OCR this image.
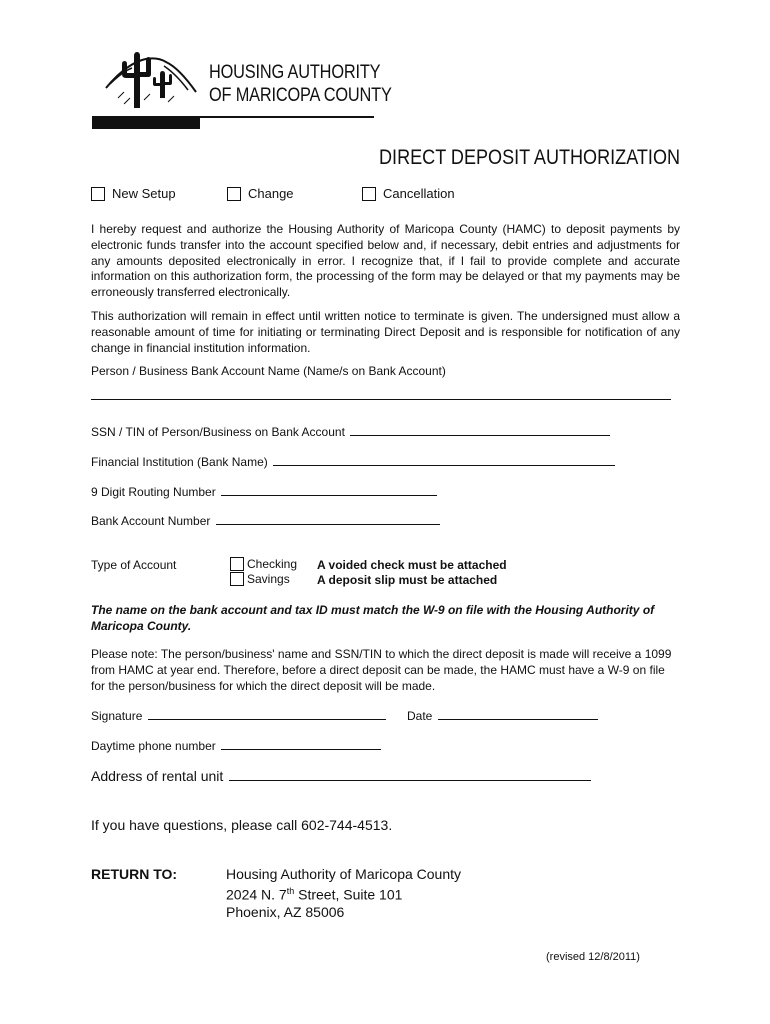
HOUSING AUTHORITY
OF MARICOPA COUNTY
DIRECT DEPOSIT AUTHORIZATION
New Setup	Change	Cancellation
I hereby request and authorize the Housing Authority of Maricopa County (HAMC) to deposit payments by electronic funds transfer into the account specified below and, if necessary, debit entries and adjustments for any amounts deposited electronically in error. I recognize that, if I fail to provide complete and accurate information on this authorization form, the processing of the form may be delayed or that my payments may be erroneously transferred electronically.
This authorization will remain in effect until written notice to terminate is given. The undersigned must allow a reasonable amount of time for initiating or terminating Direct Deposit and is responsible for notification of any change in financial institution information.
Person / Business Bank Account Name (Name/s on Bank Account)
SSN / TIN of Person/Business on Bank Account
Financial Institution (Bank Name)
9 Digit Routing Number
Bank Account Number
Type of Account	Checking
Savings
A voided check must be attached
A deposit slip must be attached
The name on the bank account and tax ID must match the W-9 on file with the Housing Authority of Maricopa County.
Please note: The person/business' name and SSN/TIN to which the direct deposit is made will receive a 1099 from HAMC at year end. Therefore, before a direct deposit can be made, the HAMC must have a W-9 on file for the person/business for which the direct deposit will be made.
Signature	Date
Daytime phone number
Address of rental unit
If you have questions, please call 602-744-4513.
RETURN TO:	Housing Authority of Maricopa County
2024 N. 7th Street, Suite 101
Phoenix, AZ 85006
(revised 12/8/2011)
